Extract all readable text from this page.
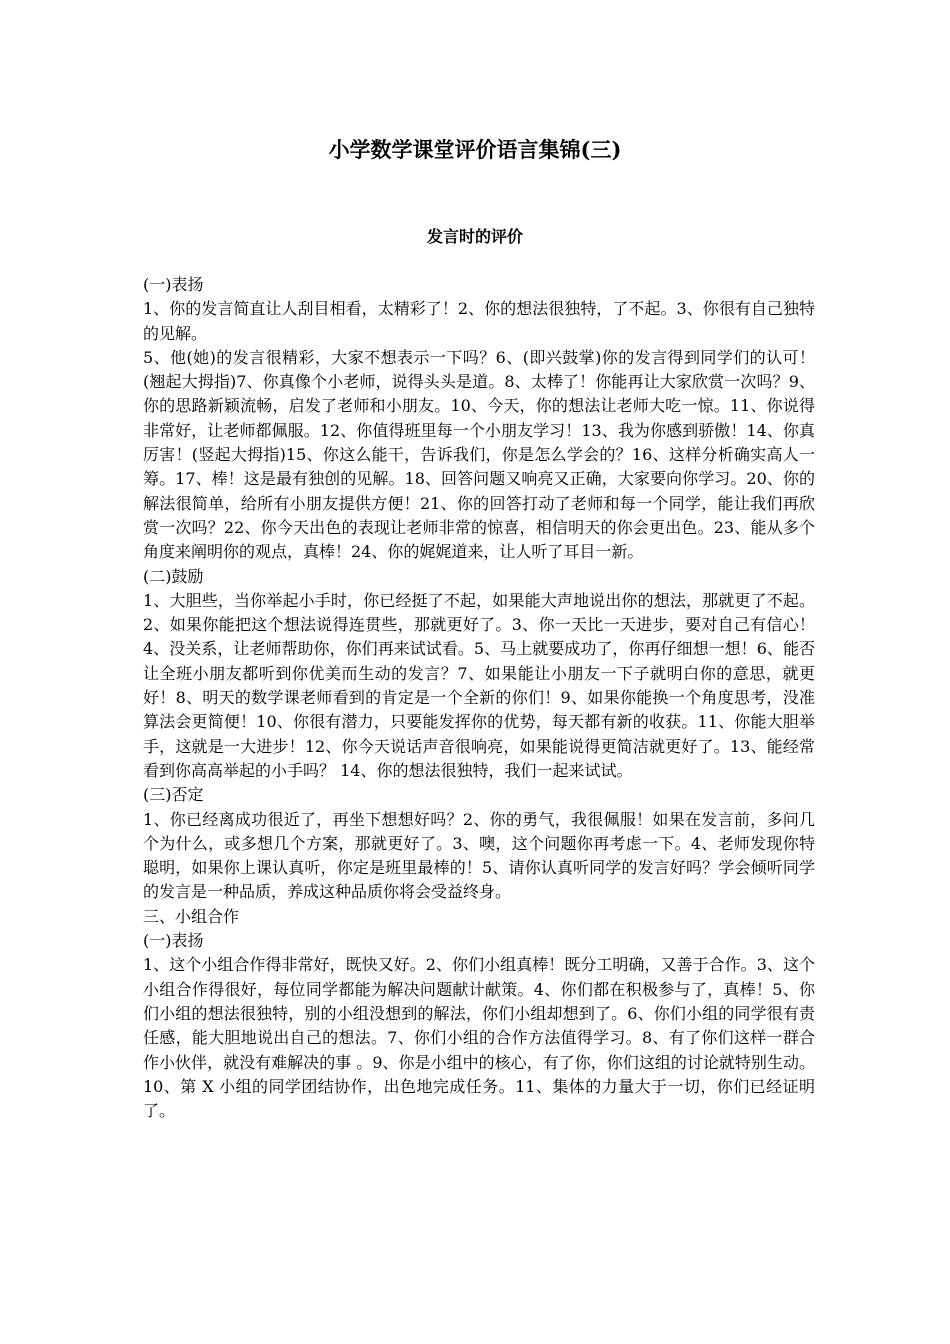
小学数学课堂评价语言集锦(三)
发言时的评价

(一)表扬

1、你的发言简直让人刮目相看，太精彩了！2、你的想法很独特，了不起。3、你很有自己独特的见解。

5、他(她)的发言很精彩，大家不想表示一下吗？6、(即兴鼓掌)你的发言得到同学们的认可！(翘起大拇指)7、你真像个小老师，说得头头是道。8、太棒了！你能再让大家欣赏一次吗？9、你的思路新颖流畅，启发了老师和小朋友。10、今天，你的想法让老师大吃一惊。11、你说得非常好，让老师都佩服。12、你值得班里每一个小朋友学习！13、我为你感到骄傲！14、你真厉害！(竖起大拇指)15、你这么能干，告诉我们，你是怎么学会的？16、这样分析确实高人一筹。17、棒！这是最有独创的见解。18、回答问题又响亮又正确，大家要向你学习。20、你的解法很简单，给所有小朋友提供方便！21、你的回答打动了老师和每一个同学，能让我们再欣赏一次吗？22、你今天出色的表现让老师非常的惊喜，相信明天的你会更出色。23、能从多个角度来阐明你的观点，真棒！24、你的娓娓道来，让人听了耳目一新。

(二)鼓励

1、大胆些，当你举起小手时，你已经挺了不起，如果能大声地说出你的想法，那就更了不起。2、如果你能把这个想法说得连贯些，那就更好了。3、你一天比一天进步，要对自己有信心！4、没关系，让老师帮助你，你们再来试试看。5、马上就要成功了，你再仔细想一想！6、能否让全班小朋友都听到你优美而生动的发言？7、如果能让小朋友一下子就明白你的意思，就更好！8、明天的数学课老师看到的肯定是一个全新的你们！9、如果你能换一个角度思考，没准算法会更简便！10、你很有潜力，只要能发挥你的优势，每天都有新的收获。11、你能大胆举手，这就是一大进步！12、你今天说话声音很响亮，如果能说得更简洁就更好了。13、能经常看到你高高举起的小手吗？ 14、你的想法很独特，我们一起来试试。

(三)否定

1、你已经离成功很近了，再坐下想想好吗？2、你的勇气，我很佩服！如果在发言前，多问几个为什么，或多想几个方案，那就更好了。3、噢，这个问题你再考虑一下。4、老师发现你特聪明，如果你上课认真听，你定是班里最棒的！5、请你认真听同学的发言好吗？学会倾听同学的发言是一种品质，养成这种品质你将会受益终身。

三、小组合作

(一)表扬

1、这个小组合作得非常好，既快又好。2、你们小组真棒！既分工明确，又善于合作。3、这个小组合作得很好，每位同学都能为解决问题献计献策。4、你们都在积极参与了，真棒！5、你们小组的想法很独特，别的小组没想到的解法，你们小组却想到了。6、你们小组的同学很有责任感，能大胆地说出自己的想法。7、你们小组的合作方法值得学习。8、有了你们这样一群合作小伙伴，就没有难解决的事 。9、你是小组中的核心，有了你，你们这组的讨论就特别生动。10、第 X 小组的同学团结协作，出色地完成任务。11、集体的力量大于一切，你们已经证明了。
